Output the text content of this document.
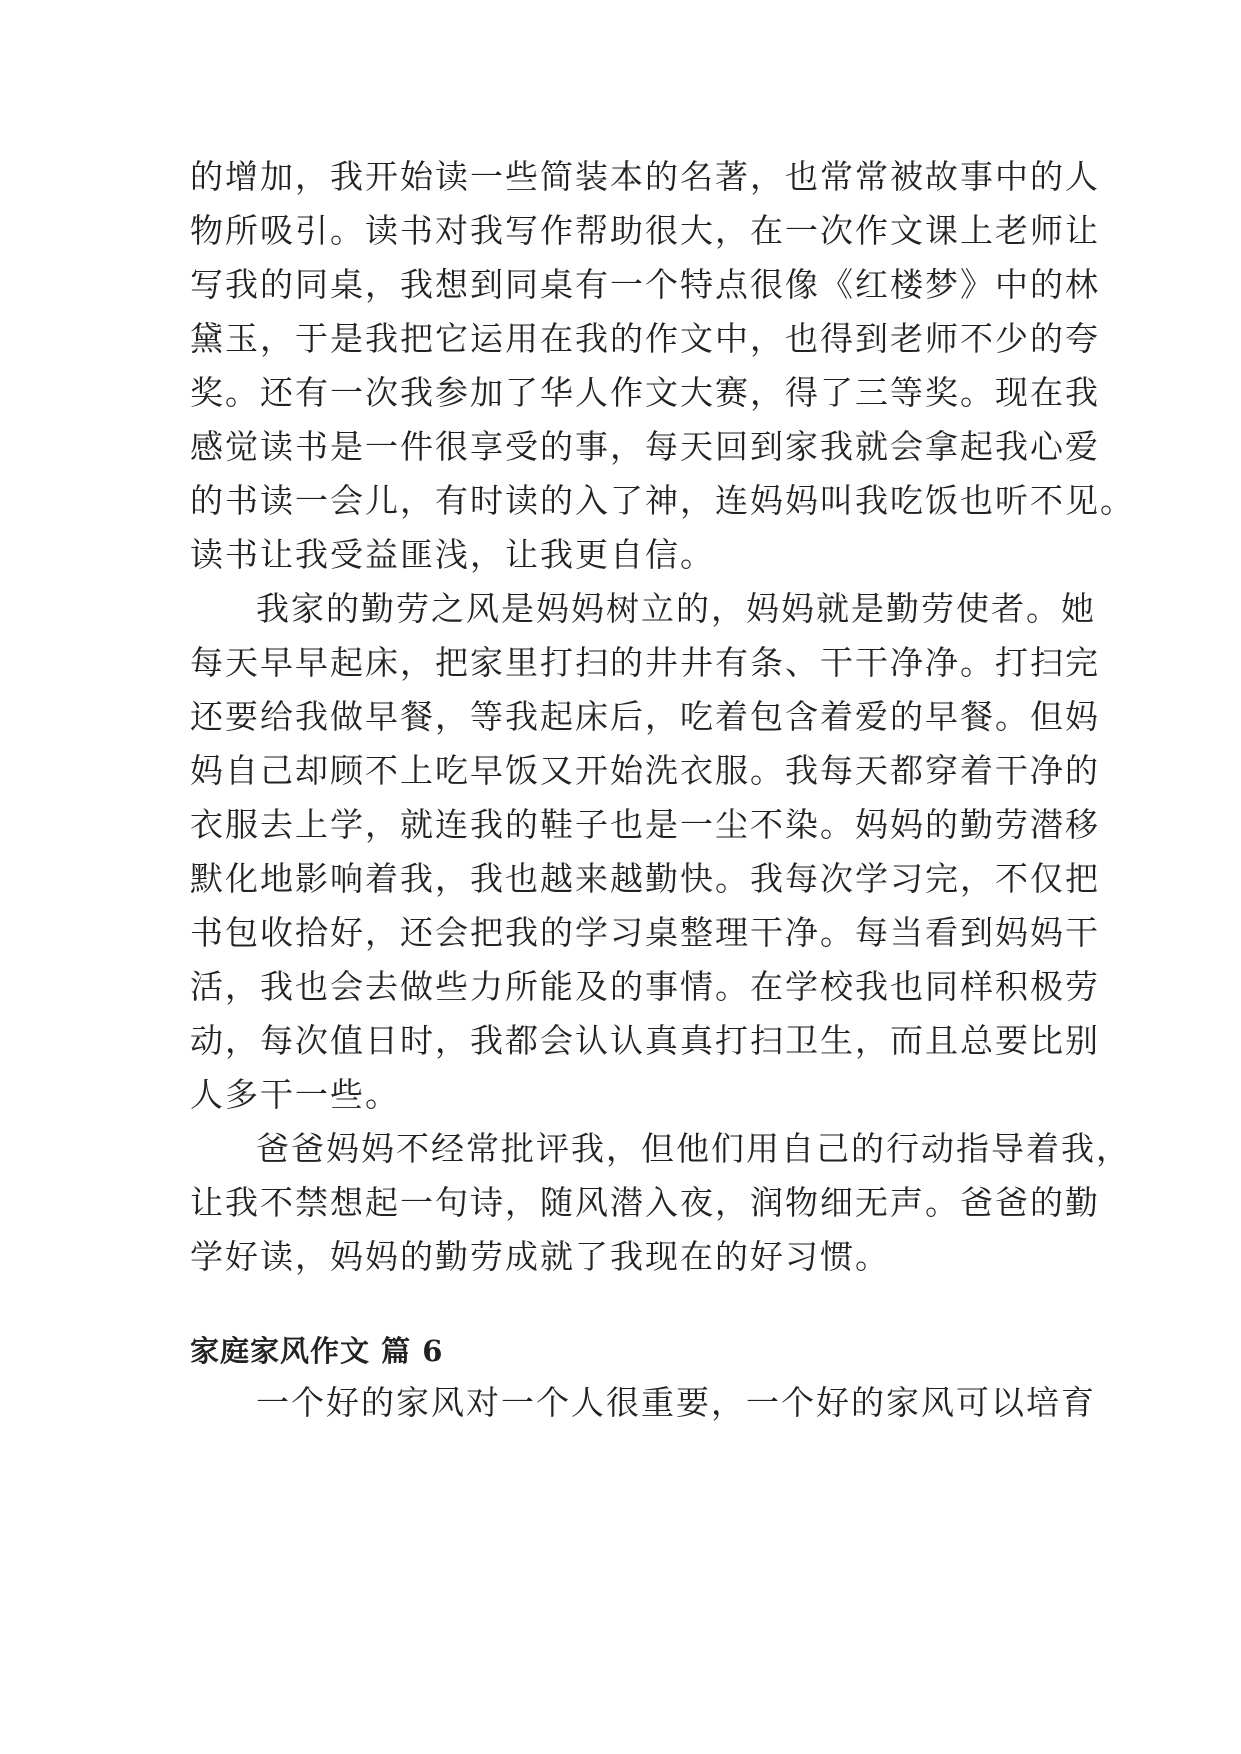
的增加，我开始读一些简装本的名著，也常常被故事中的人
物所吸引。读书对我写作帮助很大，在一次作文课上老师让
写我的同桌，我想到同桌有一个特点很像《红楼梦》中的林
黛玉，于是我把它运用在我的作文中，也得到老师不少的夸
奖。还有一次我参加了华人作文大赛，得了三等奖。现在我
感觉读书是一件很享受的事，每天回到家我就会拿起我心爱
的书读一会儿，有时读的入了神，连妈妈叫我吃饭也听不见。
读书让我受益匪浅，让我更自信。

我家的勤劳之风是妈妈树立的，妈妈就是勤劳使者。她
每天早早起床，把家里打扫的井井有条、干干净净。打扫完
还要给我做早餐，等我起床后，吃着包含着爱的早餐。但妈
妈自己却顾不上吃早饭又开始洗衣服。我每天都穿着干净的
衣服去上学，就连我的鞋子也是一尘不染。妈妈的勤劳潜移
默化地影响着我，我也越来越勤快。我每次学习完，不仅把
书包收拾好，还会把我的学习桌整理干净。每当看到妈妈干
活，我也会去做些力所能及的事情。在学校我也同样积极劳
动，每次值日时，我都会认认真真打扫卫生，而且总要比别
人多干一些。

爸爸妈妈不经常批评我，但他们用自己的行动指导着我，
让我不禁想起一句诗，随风潜入夜，润物细无声。爸爸的勤
学好读，妈妈的勤劳成就了我现在的好习惯。

家庭家风作文 篇 6

一个好的家风对一个人很重要，一个好的家风可以培育
